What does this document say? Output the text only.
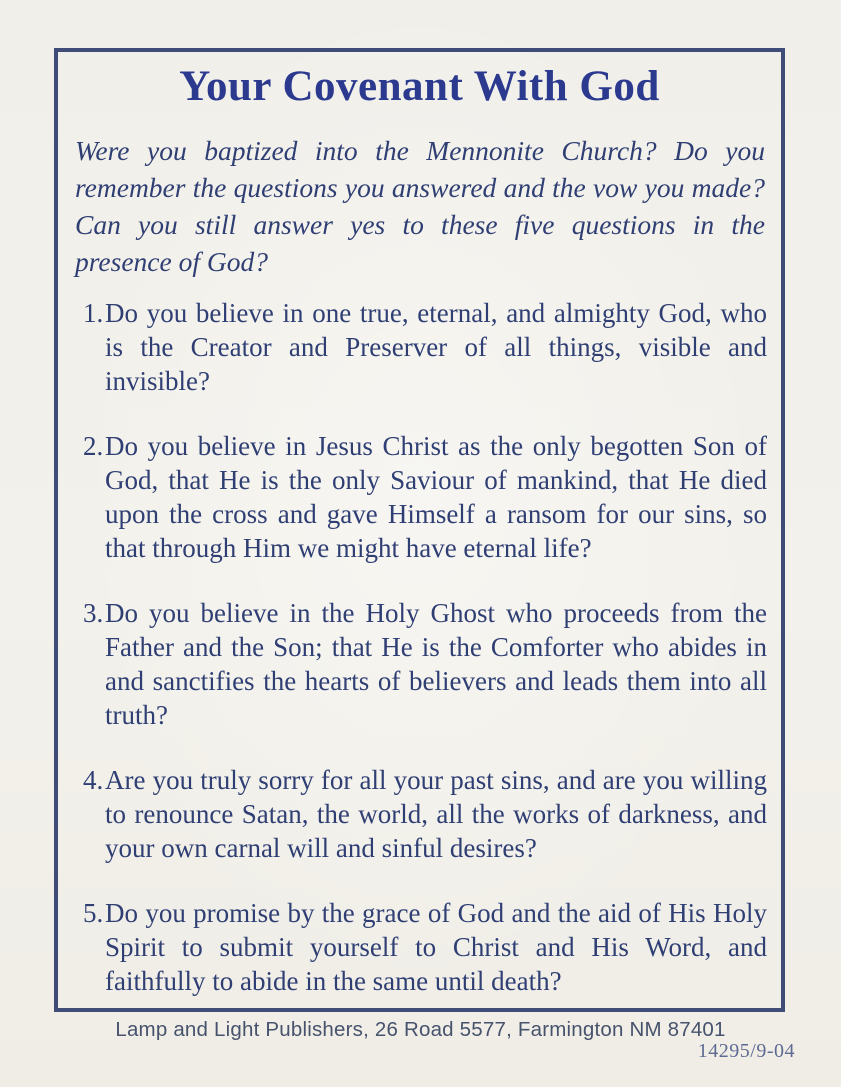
Your Covenant With God

Were you baptized into the Mennonite Church? Do you remember the questions you answered and the vow you made? Can you still answer yes to these five questions in the presence of God?

1. Do you believe in one true, eternal, and almighty God, who is the Creator and Preserver of all things, visible and invisible?
2. Do you believe in Jesus Christ as the only begotten Son of God, that He is the only Saviour of mankind, that He died upon the cross and gave Himself a ransom for our sins, so that through Him we might have eternal life?
3. Do you believe in the Holy Ghost who proceeds from the Father and the Son; that He is the Comforter who abides in and sanctifies the hearts of believers and leads them into all truth?
4. Are you truly sorry for all your past sins, and are you willing to renounce Satan, the world, all the works of darkness, and your own carnal will and sinful desires?
5. Do you promise by the grace of God and the aid of His Holy Spirit to submit yourself to Christ and His Word, and faithfully to abide in the same until death?
Lamp and Light Publishers, 26 Road 5577, Farmington NM 87401
14295/9-04
